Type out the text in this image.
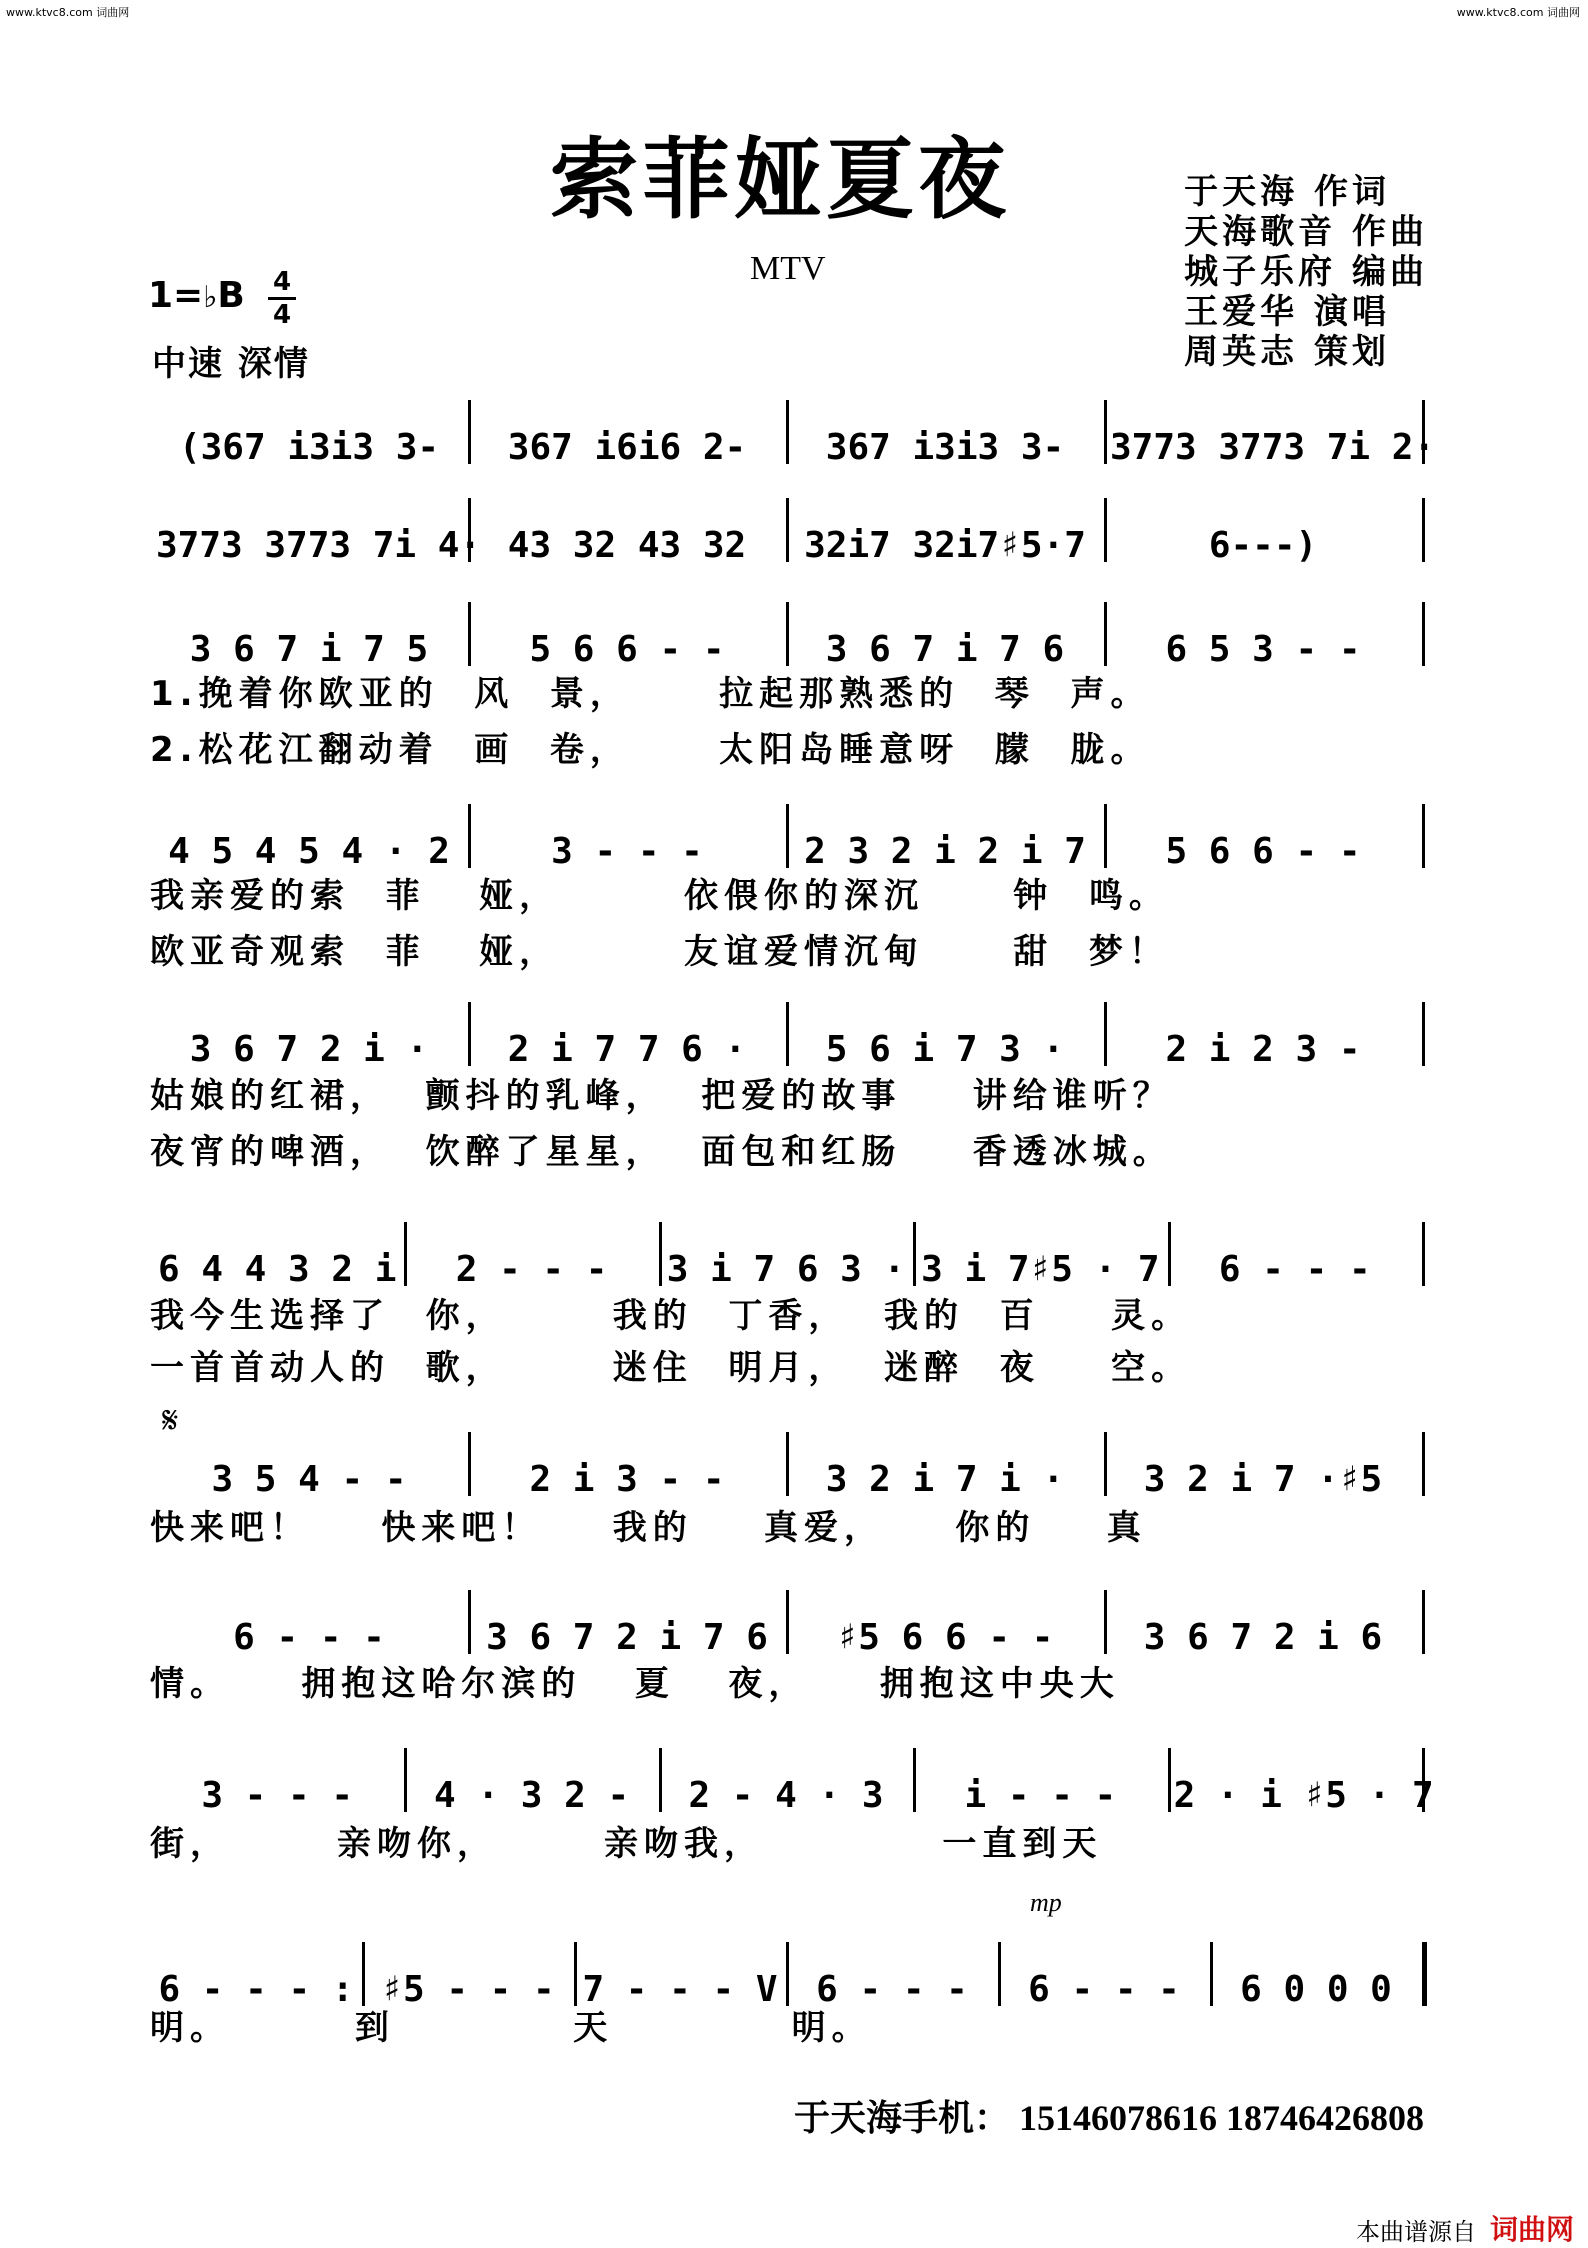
www.ktvc8.com 词曲网	www.ktvc8.com 词曲网
索菲娅夏夜
MTV
于天海 作词
天海歌音 作曲
城子乐府 编曲
王爱华 演唱
周英志 策划
1=♭B 4
4
中速 深情
(367 i3i3 3- 367 i6i6 2- 367 i3i3 3- 3773 3773 7i 2·
3773 3773 7i 4· 43 32 43 32 32i7 32i7♯5·7	6---)
3 6 7 i 7 5	5 6 6 - -	3 6 7 i 7 6	6 5 3 - -
4 5 4 5 4 · 2	3 - - -	2 3 2 i 2 i 7 5 6 6 - -
3 6 7 2 i · 2 i 7 7 6 · 5 6 i 7 3 ·	2 i 2 3 -
6 4 4 3 2 i 2 - - - 3 i 7 6 3 · 3 i 7♯5 · 7 6 - - -
3 5 4 - -	2 i 3 - -	3 2 i 7 i · 3 2 i 7 ·♯5
6 - - -	3 6 7 2 i 7 6 ♯5 6 6 - -	3 6 7 2 i 6
3 - - - 4 · 3 2 - 2 - 4 · 3 i - - - 2 · i ♯5 · 7
6 - - - : ♯5 - - - 7 - - - V 6 - - - 6 - - - 6 0 0 0
1.挽着你欧亚的  风  景，     拉起那熟悉的  琴  声。
2.松花江翻动着  画  卷，     太阳岛睡意呀  朦  胧。
我亲爱的索  菲   娅，       依偎你的深沉     钟  鸣。
欧亚奇观索  菲   娅，       友谊爱情沉甸     甜  梦！
姑娘的红裙，  颤抖的乳峰，  把爱的故事    讲给谁听？
夜宵的啤酒，  饮醉了星星，  面包和红肠    香透冰城。
我今生选择了  你，      我的  丁香，  我的  百    灵。
一首首动人的  歌，      迷住  明月，  迷醉  夜    空。
快来吧！    快来吧！    我的    真爱，    你的    真
情。    拥抱这哈尔滨的   夏   夜，    拥抱这中央大
街，      亲吻你，      亲吻我，          一直到天
明。       到          天          明。
𝄋
mp
于天海手机： 15146078616 18746426808
本曲谱源自 词曲网
